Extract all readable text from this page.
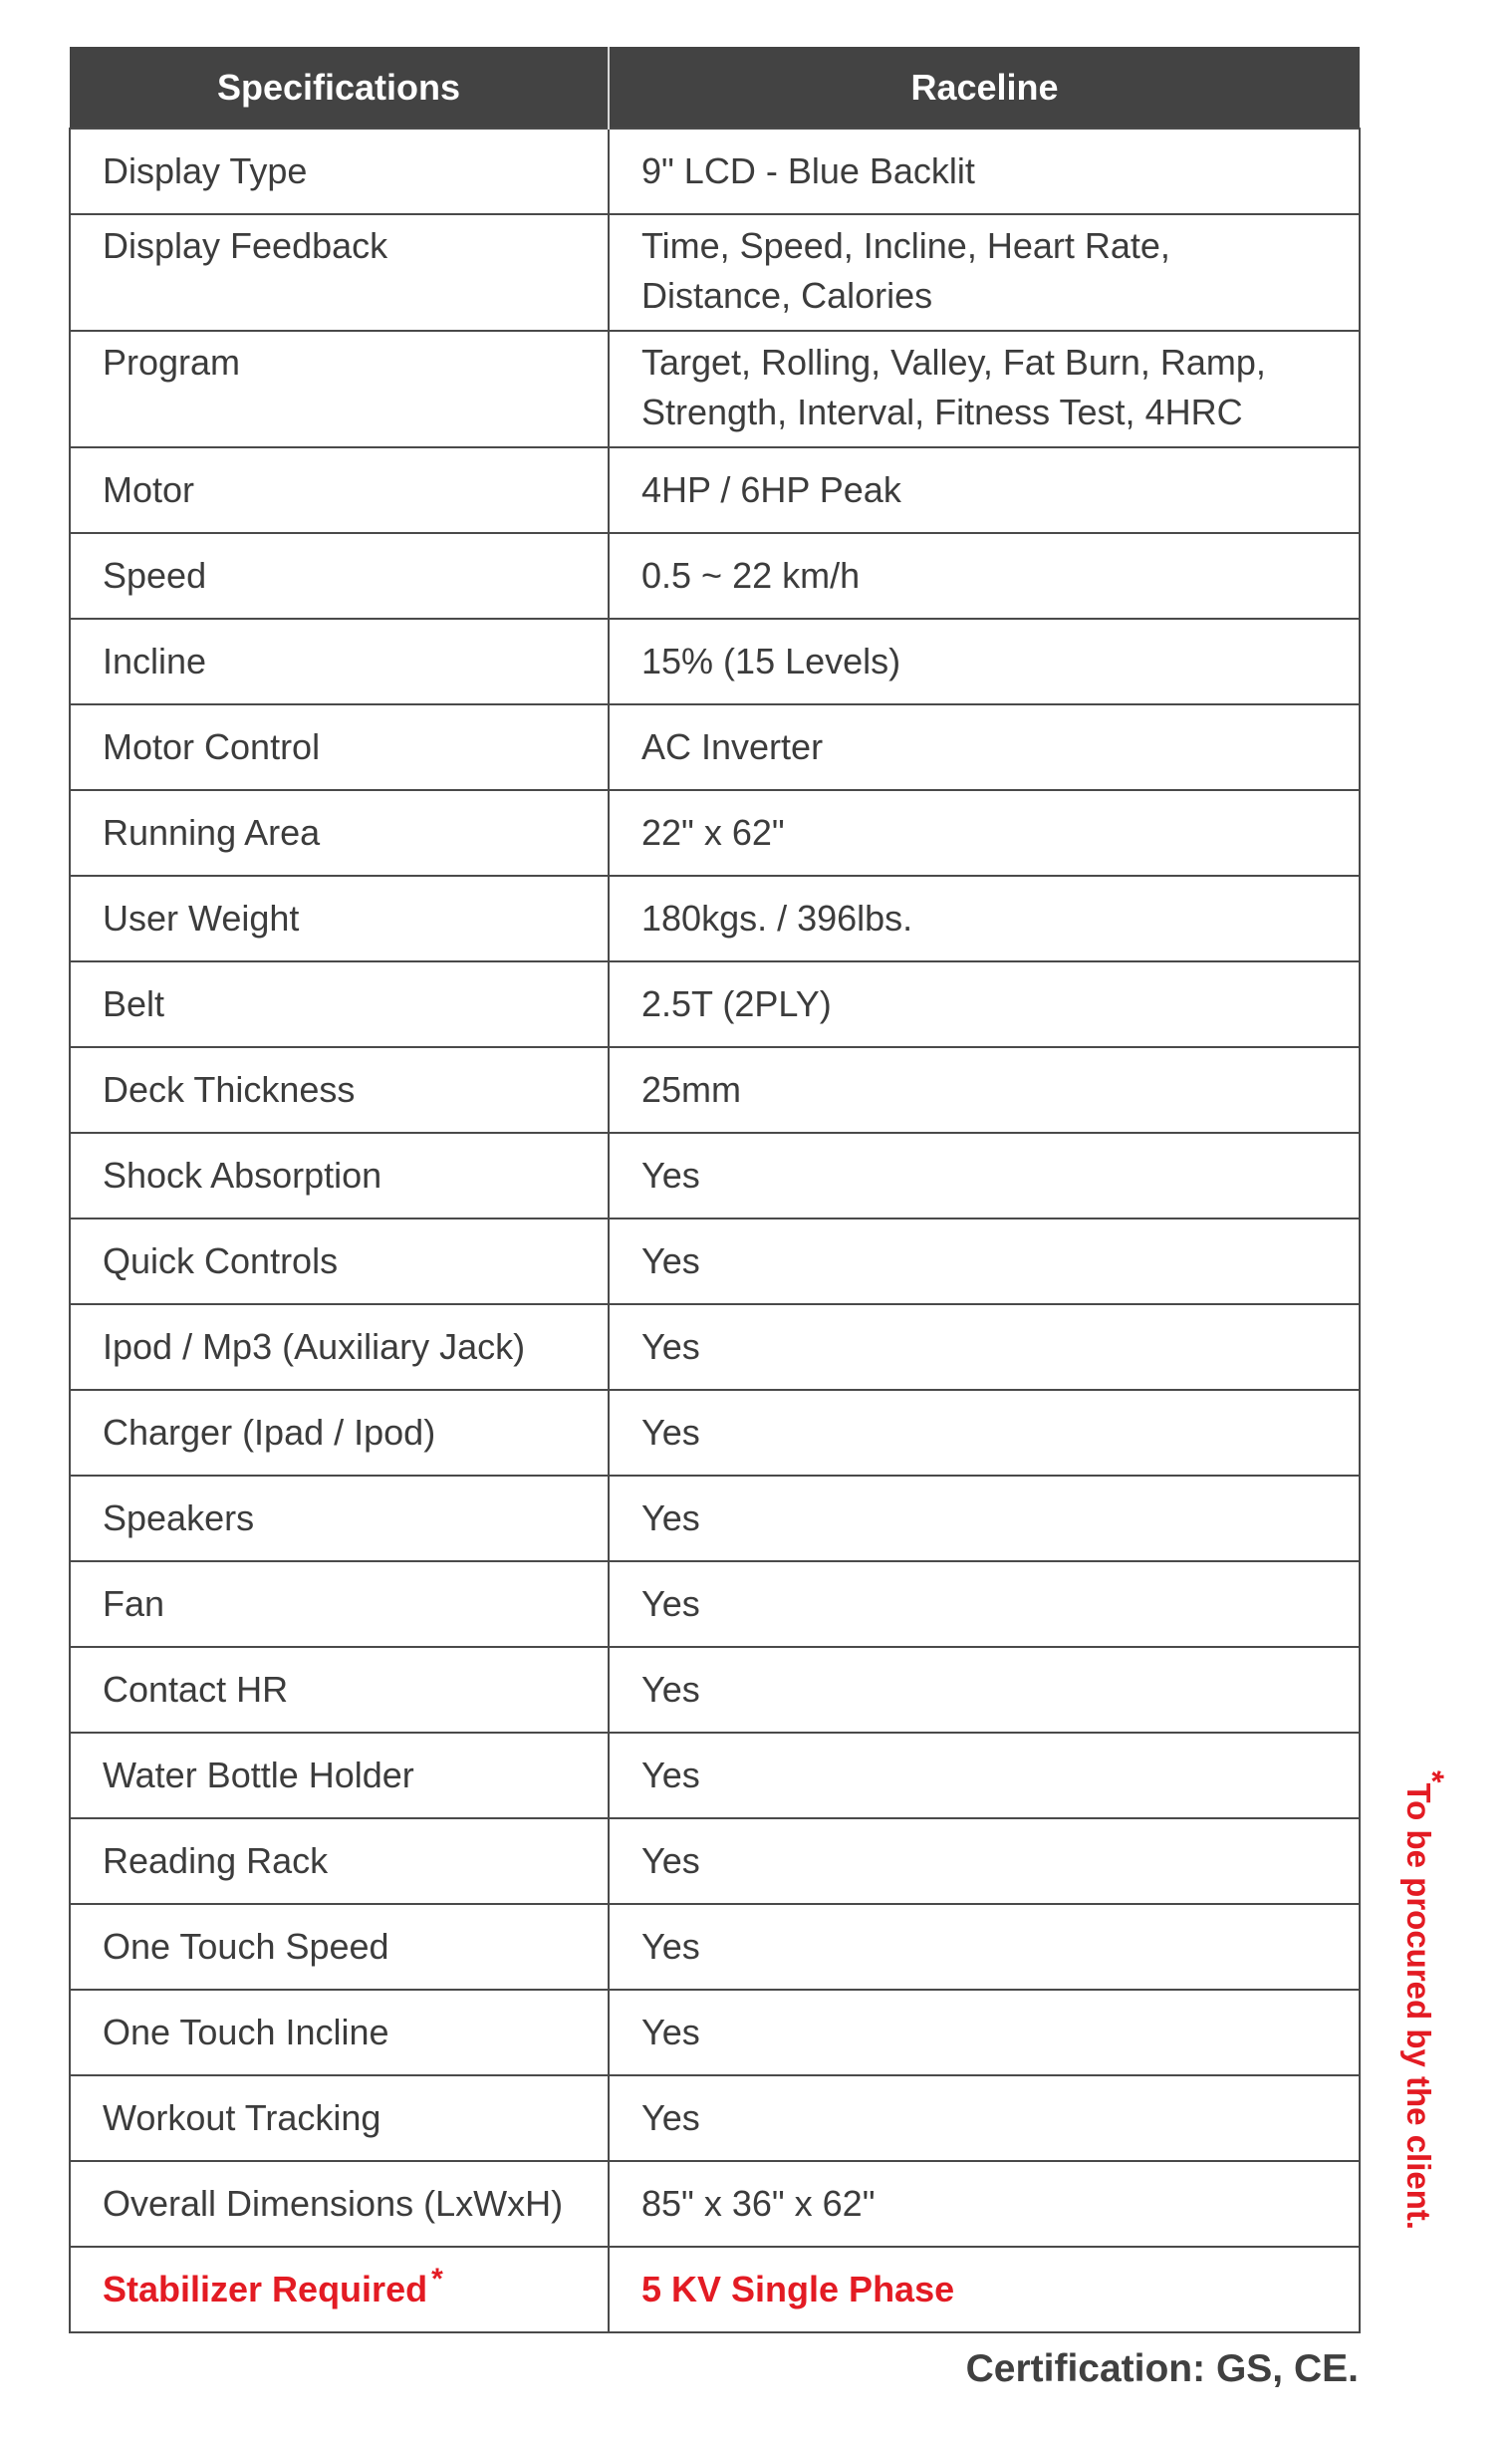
Specifications	Raceline
Display Type	9" LCD - Blue Backlit
Display Feedback	Time, Speed, Incline, Heart Rate,
Distance, Calories

Program	Target, Rolling, Valley, Fat Burn, Ramp,
Strength, Interval, Fitness Test, 4HRC

Motor	4HP / 6HP Peak
Speed	0.5 ~ 22 km/h
Incline	15% (15 Levels)
Motor Control	AC Inverter
Running Area	22" x 62"
User Weight	180kgs. / 396lbs.
Belt	2.5T (2PLY)
Deck Thickness	25mm
Shock Absorption	Yes
Quick Controls	Yes
Ipod / Mp3 (Auxiliary Jack)	Yes
Charger (Ipad / Ipod)	Yes
Speakers	Yes
Fan	Yes
Contact HR	Yes
Water Bottle Holder	Yes
Reading Rack	Yes
One Touch Speed	Yes
One Touch Incline	Yes
Workout Tracking	Yes
Overall Dimensions (LxWxH)	85" x 36" x 62"
Stabilizer Required *	5 KV Single Phase
*To be procured by the client.
Certification: GS, CE.
